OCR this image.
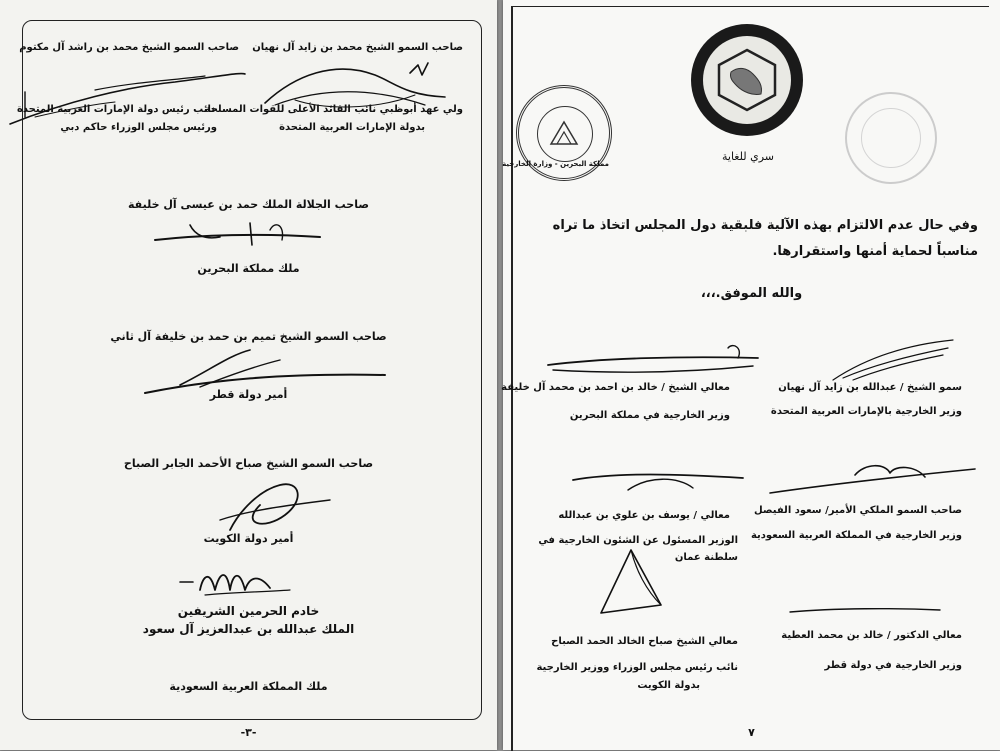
صاحب السمو الشيخ محمد بن زايد آل نهيان
صاحب السمو الشيخ محمد بن راشد آل مكتوم
ولي عهد أبوظبي نائب القائد الأعلى للقوات المسلحة
بدولة الإمارات العربية المتحدة
نائب رئيس دولة الإمارات العربية المتحدة
ورئيس مجلس الوزراء حاكم دبي
صاحب الجلالة الملك حمد بن عيسى آل خليفة
ملك مملكة البحرين
صاحب السمو الشيخ تميم بن حمد بن خليفة آل ثاني
أمير دولة قطر
صاحب السمو الشيخ صباح الأحمد الجابر الصباح
أمير دولة الكويت
خادم الحرمين الشريفين
الملك عبدالله بن عبدالعزيز آل سعود
ملك المملكة العربية السعودية
-٣-
مملكة البحرين - وزارة الخارجية
سري للغاية
وفي حال عدم الالتزام بهذه الآلية فلبقية دول المجلس اتخاذ ما تراه
مناسباً لحماية أمنها واستقرارها.
والله الموفق.،،،
سمو الشيخ / عبدالله بن زايد آل نهيان
وزير الخارجية بالإمارات العربية المتحدة
معالي الشيخ / خالد بن احمد بن محمد آل خليفة
وزير الخارجية في مملكة البحرين
صاحب السمو الملكي الأمير/ سعود الفيصل
وزير الخارجية في المملكة العربية السعودية
معالي / يوسف بن علوي بن عبدالله
الوزير المسئول عن الشئون الخارجية في
سلطنة عمان
معالي الدكتور / خالد بن محمد العطية
وزير الخارجية في دولة قطر
معالي الشيخ صباح الخالد الحمد الصباح
نائب رئيس مجلس الوزراء ووزير الخارجية
بدولة الكويت
٧
